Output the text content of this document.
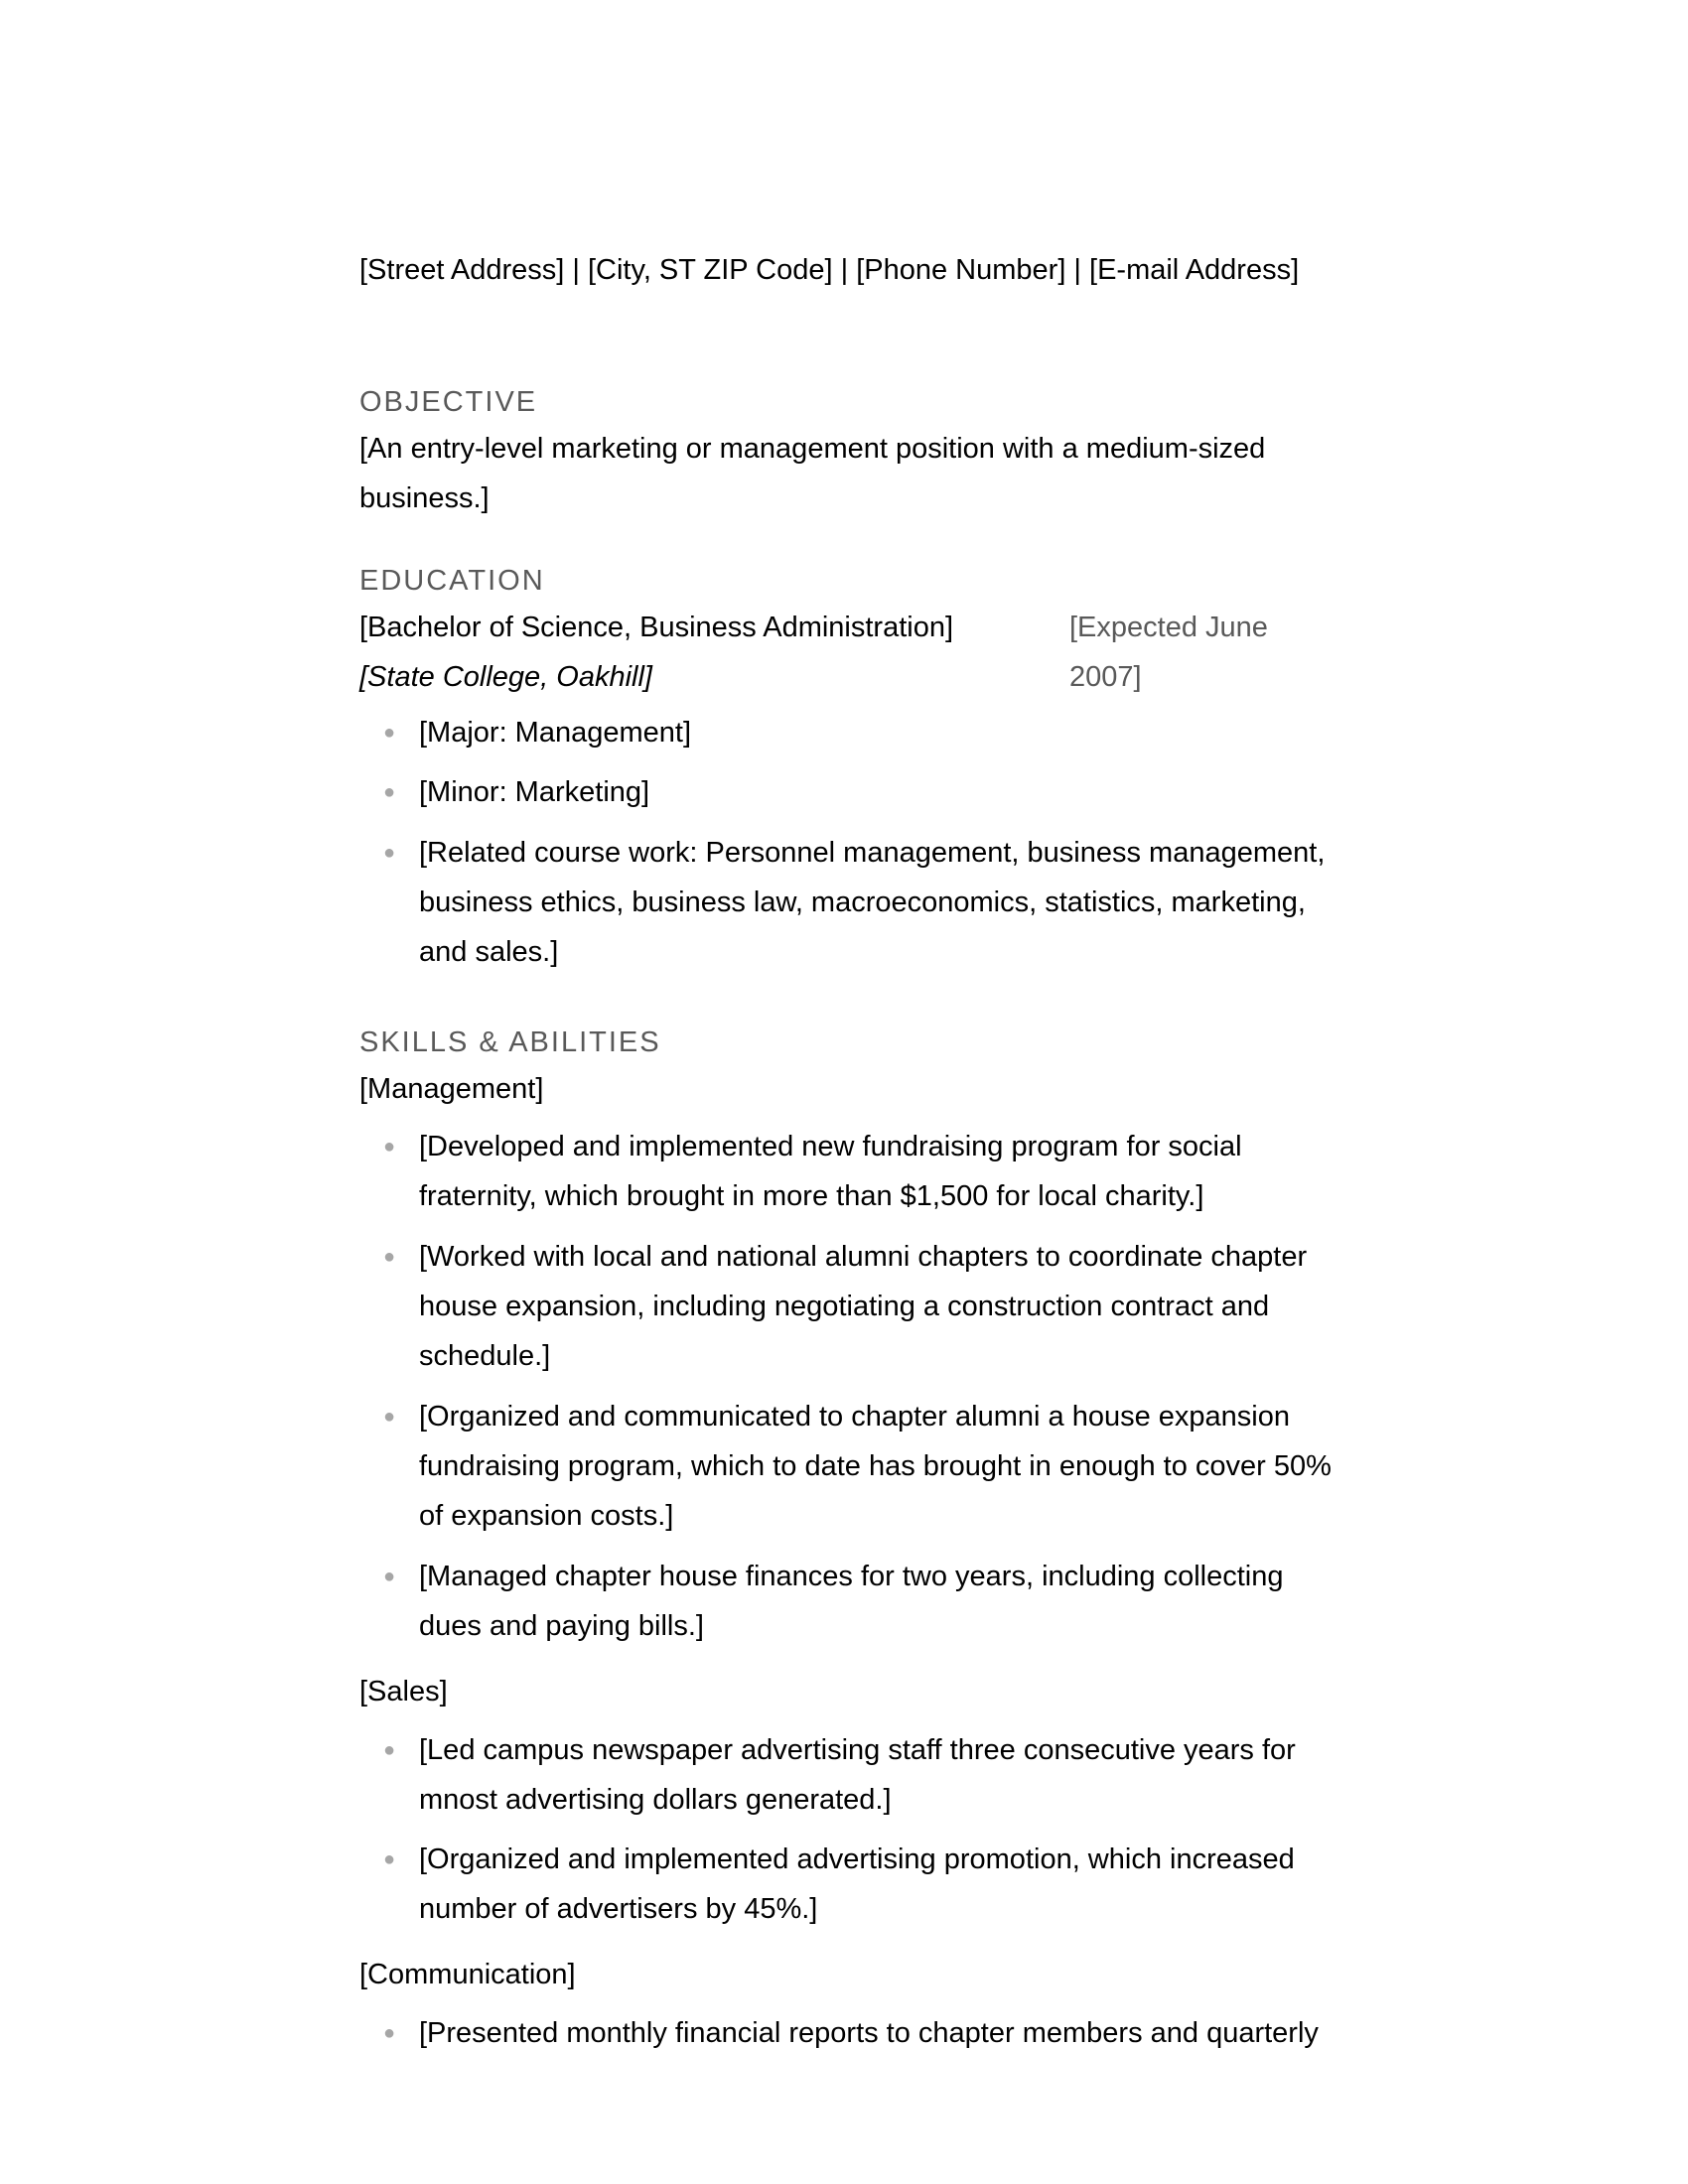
[Street Address] | [City, ST ZIP Code] | [Phone Number] | [E-mail Address]
OBJECTIVE
[An entry-level marketing or management position with a medium-sized
business.]
EDUCATION
[Bachelor of Science, Business Administration]
[State College, Oakhill]
[Expected June
2007]
● [Major: Management]
● [Minor: Marketing]
● [Related course work: Personnel management, business management,
business ethics, business law, macroeconomics, statistics, marketing,
and sales.]
SKILLS & ABILITIES
[Management]
● [Developed and implemented new fundraising program for social
fraternity, which brought in more than $1,500 for local charity.]
● [Worked with local and national alumni chapters to coordinate chapter
house expansion, including negotiating a construction contract and
schedule.]
● [Organized and communicated to chapter alumni a house expansion
fundraising program, which to date has brought in enough to cover 50%
of expansion costs.]
● [Managed chapter house finances for two years, including collecting
dues and paying bills.]
[Sales]
● [Led campus newspaper advertising staff three consecutive years for
mnost advertising dollars generated.]
● [Organized and implemented advertising promotion, which increased
number of advertisers by 45%.]
[Communication]
● [Presented monthly financial reports to chapter members and quarterly
